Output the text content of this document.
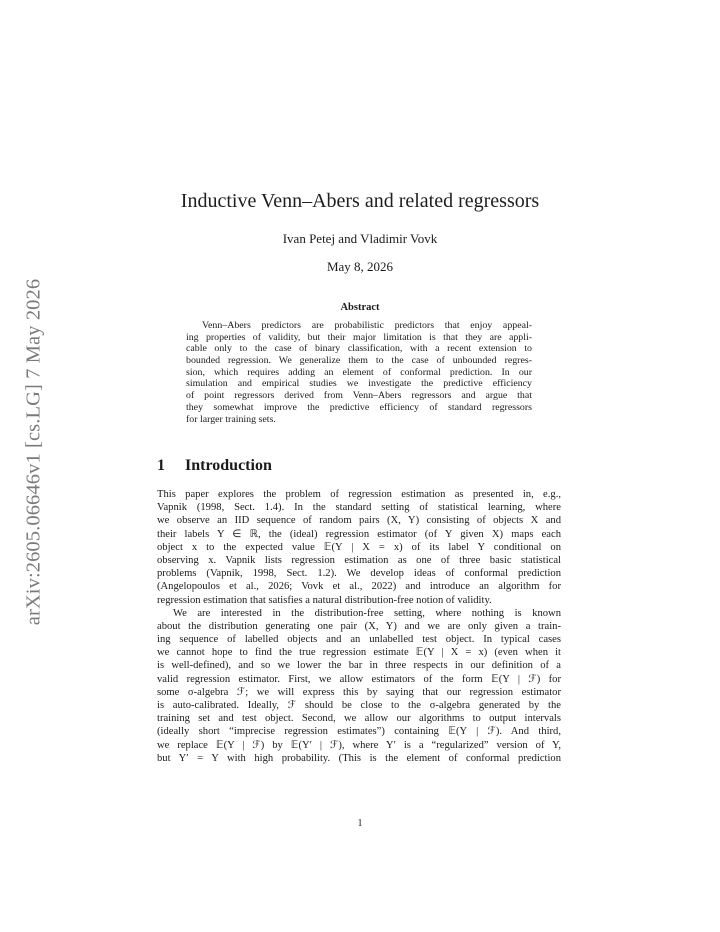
arXiv:2605.06646v1 [cs.LG] 7 May 2026
Inductive Venn–Abers and related regressors
Ivan Petej and Vladimir Vovk
May 8, 2026
Abstract
Venn–Abers predictors are probabilistic predictors that enjoy appeal-
ing properties of validity, but their major limitation is that they are appli-
cable only to the case of binary classification, with a recent extension to
bounded regression. We generalize them to the case of unbounded regres-
sion, which requires adding an element of conformal prediction. In our
simulation and empirical studies we investigate the predictive efficiency
of point regressors derived from Venn–Abers regressors and argue that
they somewhat improve the predictive efficiency of standard regressors
for larger training sets.
1 Introduction
This paper explores the problem of regression estimation as presented in, e.g.,
Vapnik (1998, Sect. 1.4). In the standard setting of statistical learning, where
we observe an IID sequence of random pairs (X, Y) consisting of objects X and
their labels Y ∈ ℝ, the (ideal) regression estimator (of Y given X) maps each
object x to the expected value 𝔼(Y | X = x) of its label Y conditional on
observing x. Vapnik lists regression estimation as one of three basic statistical
problems (Vapnik, 1998, Sect. 1.2). We develop ideas of conformal prediction
(Angelopoulos et al., 2026; Vovk et al., 2022) and introduce an algorithm for
regression estimation that satisfies a natural distribution-free notion of validity.
We are interested in the distribution-free setting, where nothing is known
about the distribution generating one pair (X, Y) and we are only given a train-
ing sequence of labelled objects and an unlabelled test object. In typical cases
we cannot hope to find the true regression estimate 𝔼(Y | X = x) (even when it
is well-defined), and so we lower the bar in three respects in our definition of a
valid regression estimator. First, we allow estimators of the form 𝔼(Y | ℱ) for
some σ-algebra ℱ; we will express this by saying that our regression estimator
is auto-calibrated. Ideally, ℱ should be close to the σ-algebra generated by the
training set and test object. Second, we allow our algorithms to output intervals
(ideally short “imprecise regression estimates”) containing 𝔼(Y | ℱ). And third,
we replace 𝔼(Y | ℱ) by 𝔼(Y′ | ℱ), where Y′ is a “regularized” version of Y,
but Y′ = Y with high probability. (This is the element of conformal prediction
1
